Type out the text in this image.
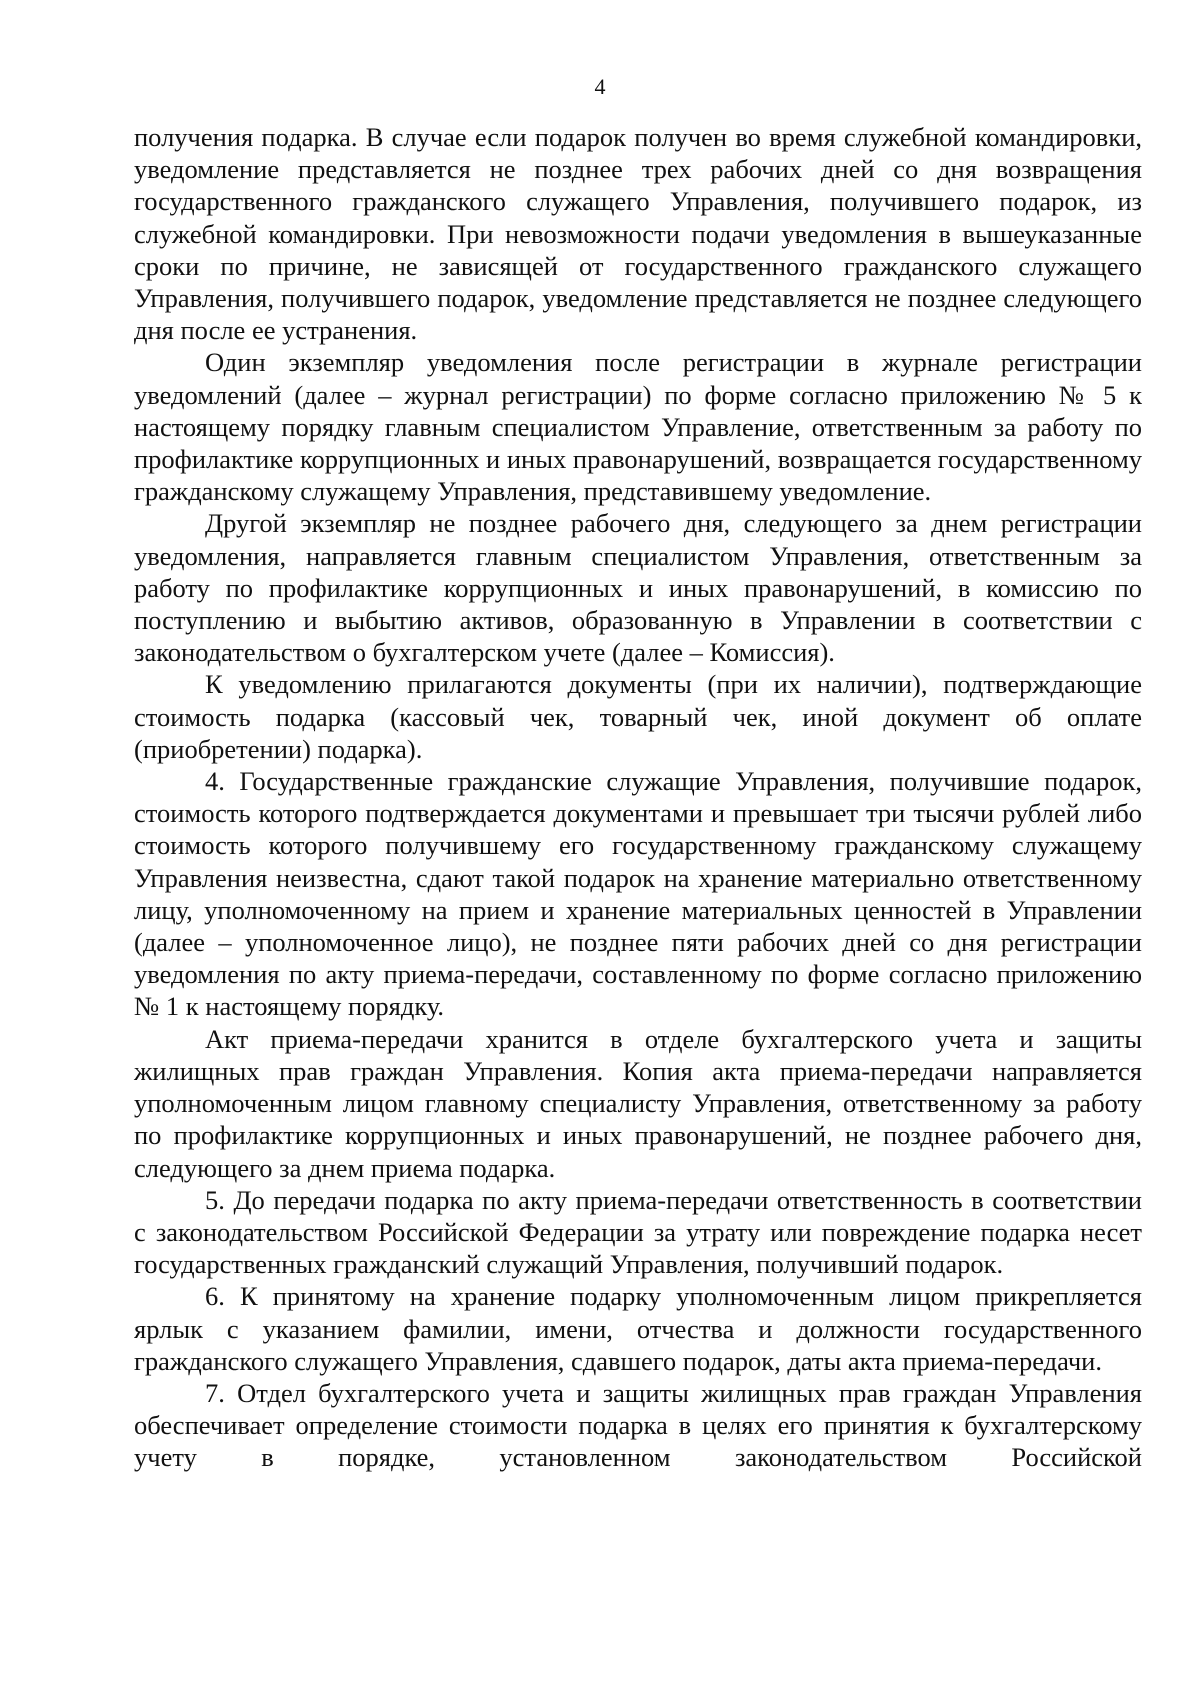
4

получения подарка. В случае если подарок получен во время служебной командировки, уведомление представляется не позднее трех рабочих дней со дня возвращения государственного гражданского служащего Управления, получившего подарок, из служебной командировки. При невозможности подачи уведомления в вышеуказанные сроки по причине, не зависящей от государственного гражданского служащего Управления, получившего подарок, уведомление представляется не позднее следующего дня после ее устранения.

Один экземпляр уведомления после регистрации в журнале регистрации уведомлений (далее – журнал регистрации) по форме согласно приложению № 5 к настоящему порядку главным специалистом Управление, ответственным за работу по профилактике коррупционных и иных правонарушений, возвращается государственному гражданскому служащему Управления, представившему уведомление.

Другой экземпляр не позднее рабочего дня, следующего за днем регистрации уведомления, направляется главным специалистом Управления, ответственным за работу по профилактике коррупционных и иных правонарушений, в комиссию по поступлению и выбытию активов, образованную в Управлении в соответствии с законодательством о бухгалтерском учете (далее – Комиссия).

К уведомлению прилагаются документы (при их наличии), подтверждающие стоимость подарка (кассовый чек, товарный чек, иной документ об оплате (приобретении) подарка).

4. Государственные гражданские служащие Управления, получившие подарок, стоимость которого подтверждается документами и превышает три тысячи рублей либо стоимость которого получившему его государственному гражданскому служащему Управления неизвестна, сдают такой подарок на хранение материально ответственному лицу, уполномоченному на прием и хранение материальных ценностей в Управлении (далее – уполномоченное лицо), не позднее пяти рабочих дней со дня регистрации уведомления по акту приема-передачи, составленному по форме согласно приложению № 1 к настоящему порядку.

Акт приема-передачи хранится в отделе бухгалтерского учета и защиты жилищных прав граждан Управления. Копия акта приема-передачи направляется уполномоченным лицом главному специалисту Управления, ответственному за работу по профилактике коррупционных и иных правонарушений, не позднее рабочего дня, следующего за днем приема подарка.

5. До передачи подарка по акту приема-передачи ответственность в соответствии с законодательством Российской Федерации за утрату или повреждение подарка несет государственных гражданский служащий Управления, получивший подарок.

6. К принятому на хранение подарку уполномоченным лицом прикрепляется ярлык с указанием фамилии, имени, отчества и должности государственного гражданского служащего Управления, сдавшего подарок, даты акта приема-передачи.

7. Отдел бухгалтерского учета и защиты жилищных прав граждан Управления обеспечивает определение стоимости подарка в целях его принятия к бухгалтерскому учету в порядке, установленном законодательством Российской
